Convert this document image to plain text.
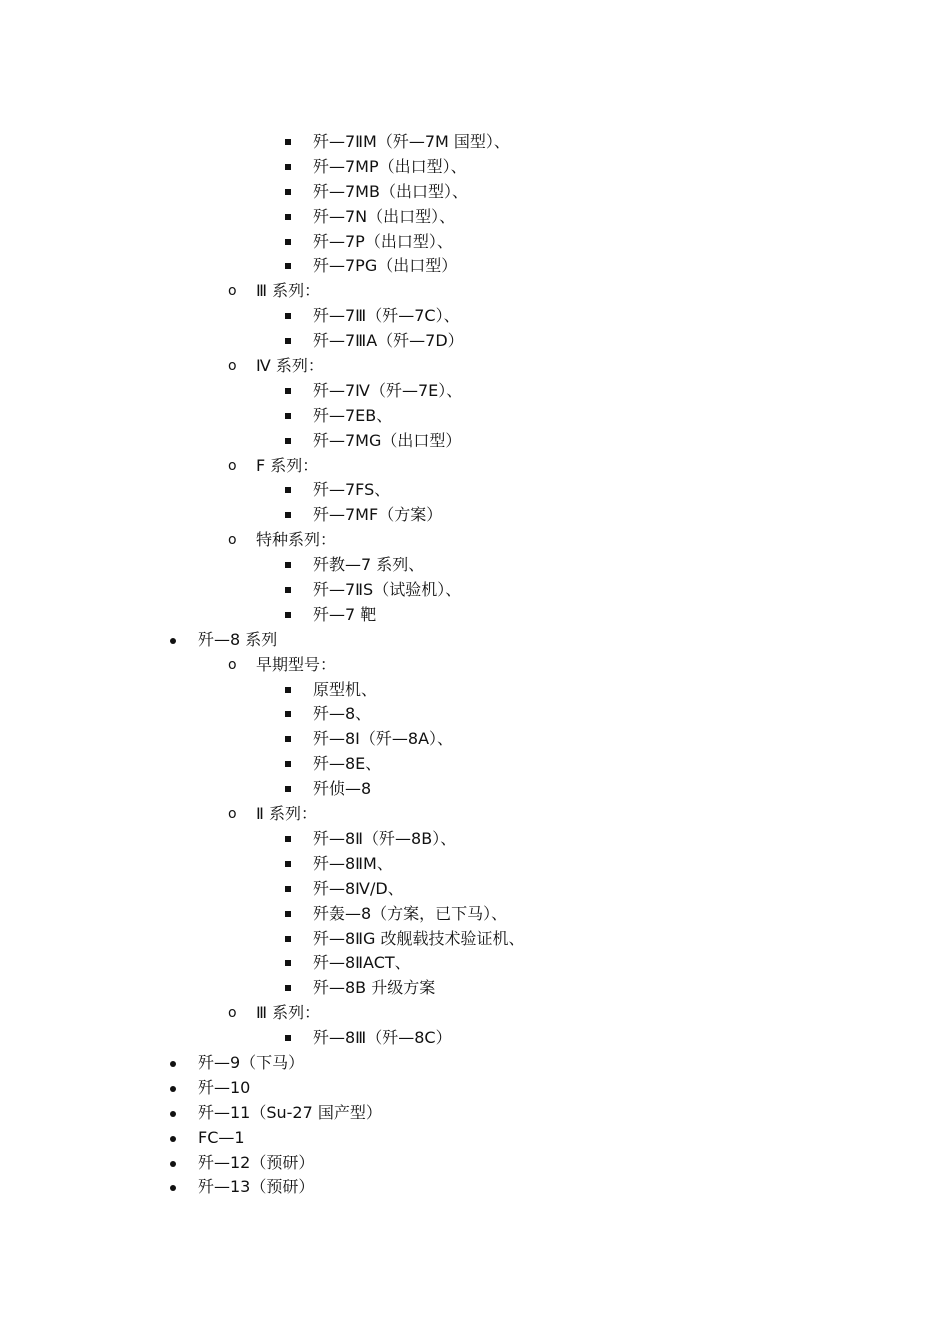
歼—7ⅡM（歼—7M 国型）、
歼—7MP（出口型）、
歼—7MB（出口型）、
歼—7N（出口型）、
歼—7P（出口型）、
歼—7PG（出口型）
o Ⅲ 系列：
歼—7Ⅲ（歼—7C）、
歼—7ⅢA（歼—7D）
o Ⅳ 系列：
歼—7Ⅳ（歼—7E）、
歼—7EB、
歼—7MG（出口型）
o F 系列：
歼—7FS、
歼—7MF（方案）
o 特种系列：
歼教—7 系列、
歼—7ⅡS（试验机）、
歼—7 靶
歼—8 系列
o 早期型号：
原型机、
歼—8、
歼—8Ⅰ（歼—8A）、
歼—8E、
歼侦—8
o Ⅱ 系列：
歼—8Ⅱ（歼—8B）、
歼—8ⅡM、
歼—8Ⅳ/D、
歼轰—8（方案，已下马）、
歼—8ⅡG 改舰载技术验证机、
歼—8ⅡACT、
歼—8B 升级方案
o Ⅲ 系列：
歼—8Ⅲ（歼—8C）
歼—9（下马）
歼—10
歼—11（Su-27 国产型）
FC—1
歼—12（预研）
歼—13（预研）
